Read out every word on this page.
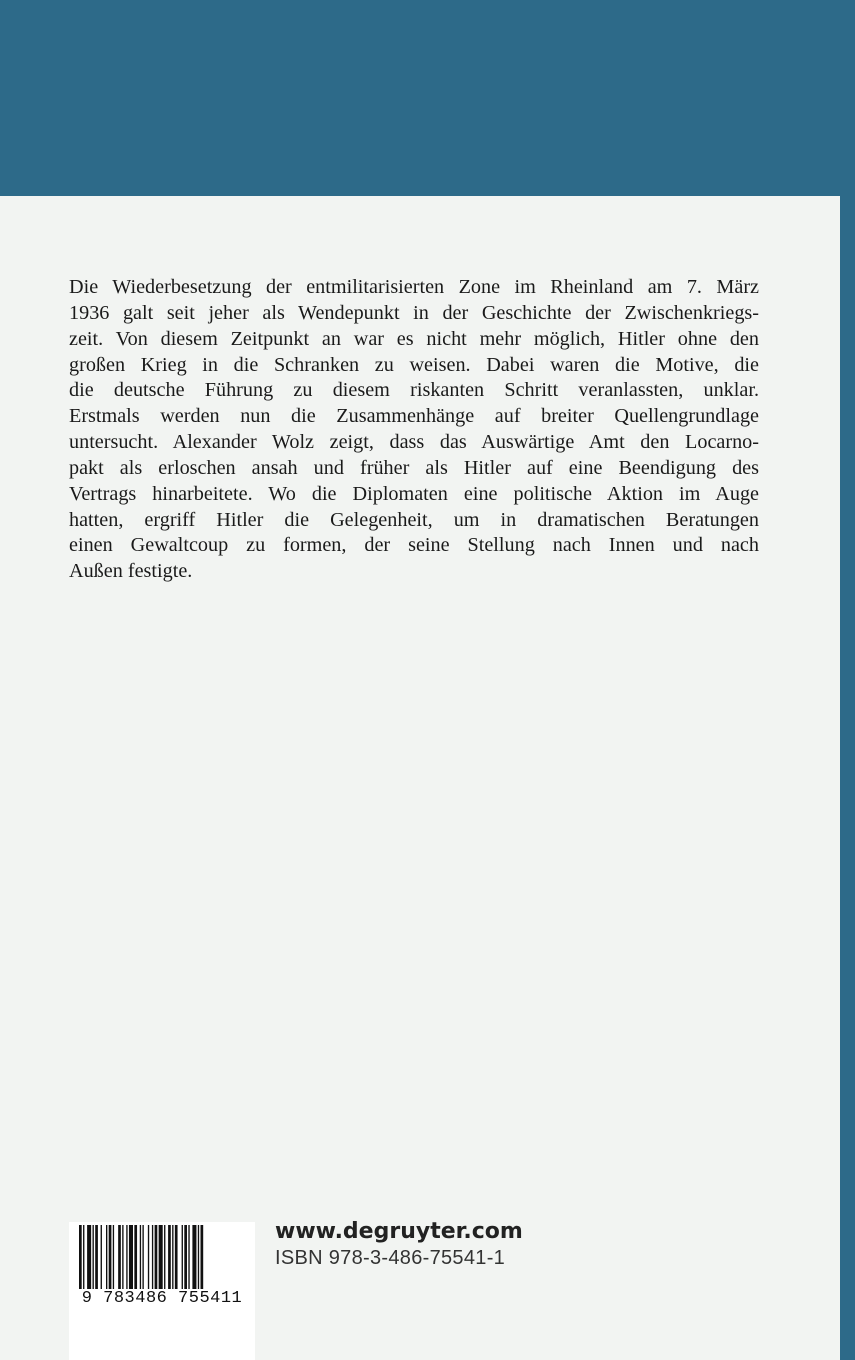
Die Wiederbesetzung der entmilitarisierten Zone im Rheinland am 7. März
1936 galt seit jeher als Wendepunkt in der Geschichte der Zwischenkriegs-
zeit. Von diesem Zeitpunkt an war es nicht mehr möglich, Hitler ohne den
großen Krieg in die Schranken zu weisen. Dabei waren die Motive, die
die deutsche Führung zu diesem riskanten Schritt veranlassten, unklar.
Erstmals werden nun die Zusammenhänge auf breiter Quellengrundlage
untersucht. Alexander Wolz zeigt, dass das Auswärtige Amt den Locarno-
pakt als erloschen ansah und früher als Hitler auf eine Beendigung des
Vertrags hinarbeitete. Wo die Diplomaten eine politische Aktion im Auge
hatten, ergriff Hitler die Gelegenheit, um in dramatischen Beratungen
einen Gewaltcoup zu formen, der seine Stellung nach Innen und nach
Außen festigte.

9 783486 755411
www.degruyter.com
ISBN 978-3-486-75541-1
